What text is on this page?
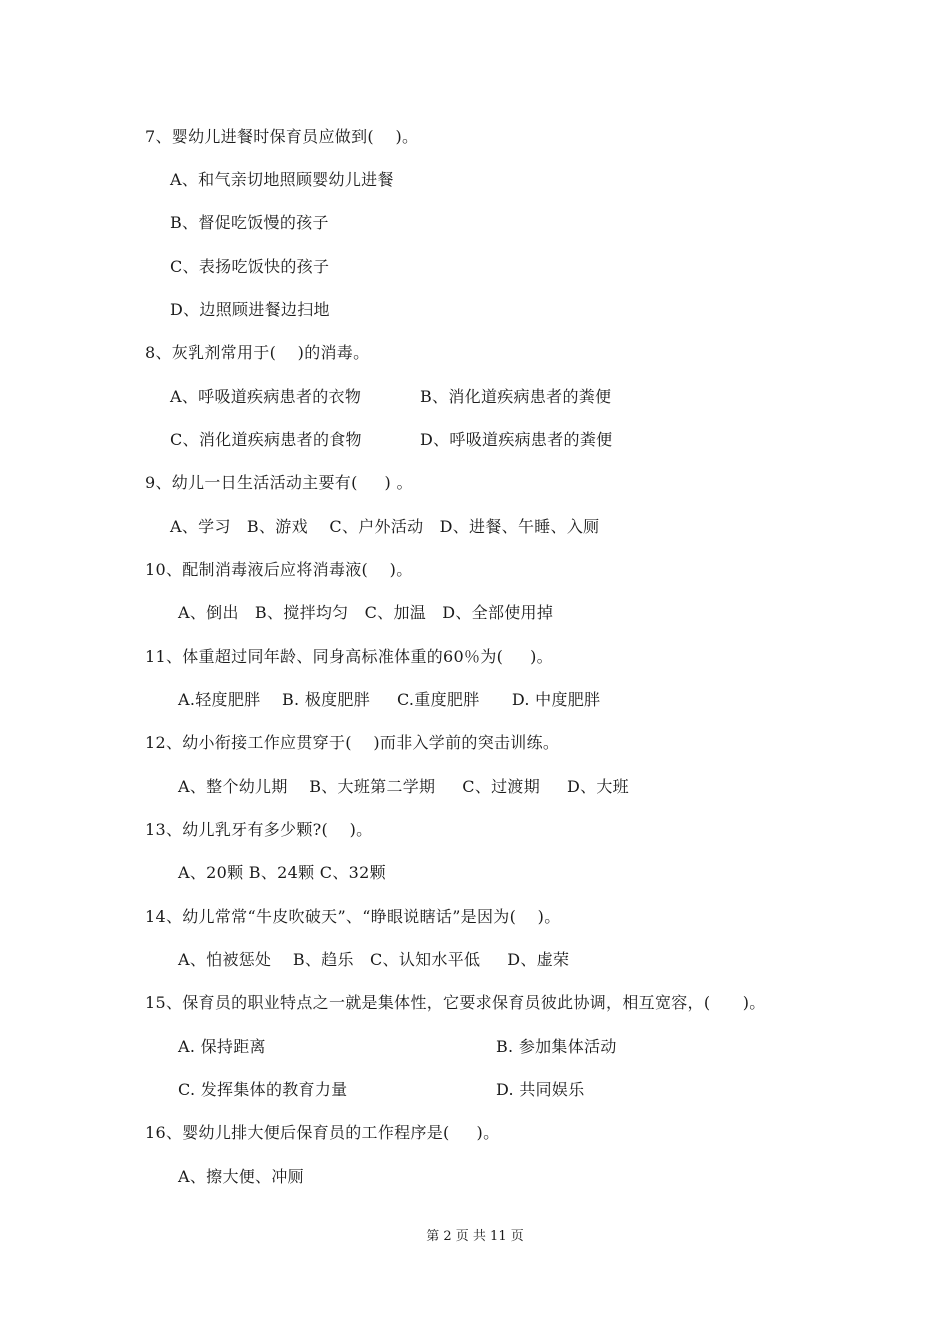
7、婴幼儿进餐时保育员应做到(    )。
A、和气亲切地照顾婴幼儿进餐
B、督促吃饭慢的孩子
C、表扬吃饭快的孩子
D、边照顾进餐边扫地
8、灰乳剂常用于(    )的消毒。
A、呼吸道疾病患者的衣物	B、消化道疾病患者的粪便
C、消化道疾病患者的食物	D、呼吸道疾病患者的粪便
9、幼儿一日生活活动主要有(     ) 。
A、学习   B、游戏    C、户外活动   D、进餐、午睡、入厕
10、配制消毒液后应将消毒液(    )。
A、倒出   B、搅拌均匀   C、加温   D、全部使用掉
11、体重超过同年龄、同身高标准体重的60％为(     )。
A.轻度肥胖    B. 极度肥胖     C.重度肥胖      D. 中度肥胖
12、幼小衔接工作应贯穿于(    )而非入学前的突击训练。
A、整个幼儿期    B、大班第二学期     C、过渡期     D、大班
13、幼儿乳牙有多少颗?(    )。
A、20颗 B、24颗 C、32颗
14、幼儿常常“牛皮吹破天”、“睁眼说瞎话”是因为(    )。
A、怕被惩处    B、趋乐   C、认知水平低     D、虚荣
15、保育员的职业特点之一就是集体性，它要求保育员彼此协调，相互宽容，(      )。
A. 保持距离	B. 参加集体活动
C. 发挥集体的教育力量	D. 共同娱乐
16、婴幼儿排大便后保育员的工作程序是(     )。
A、擦大便、冲厕
第 2 页 共 11 页
